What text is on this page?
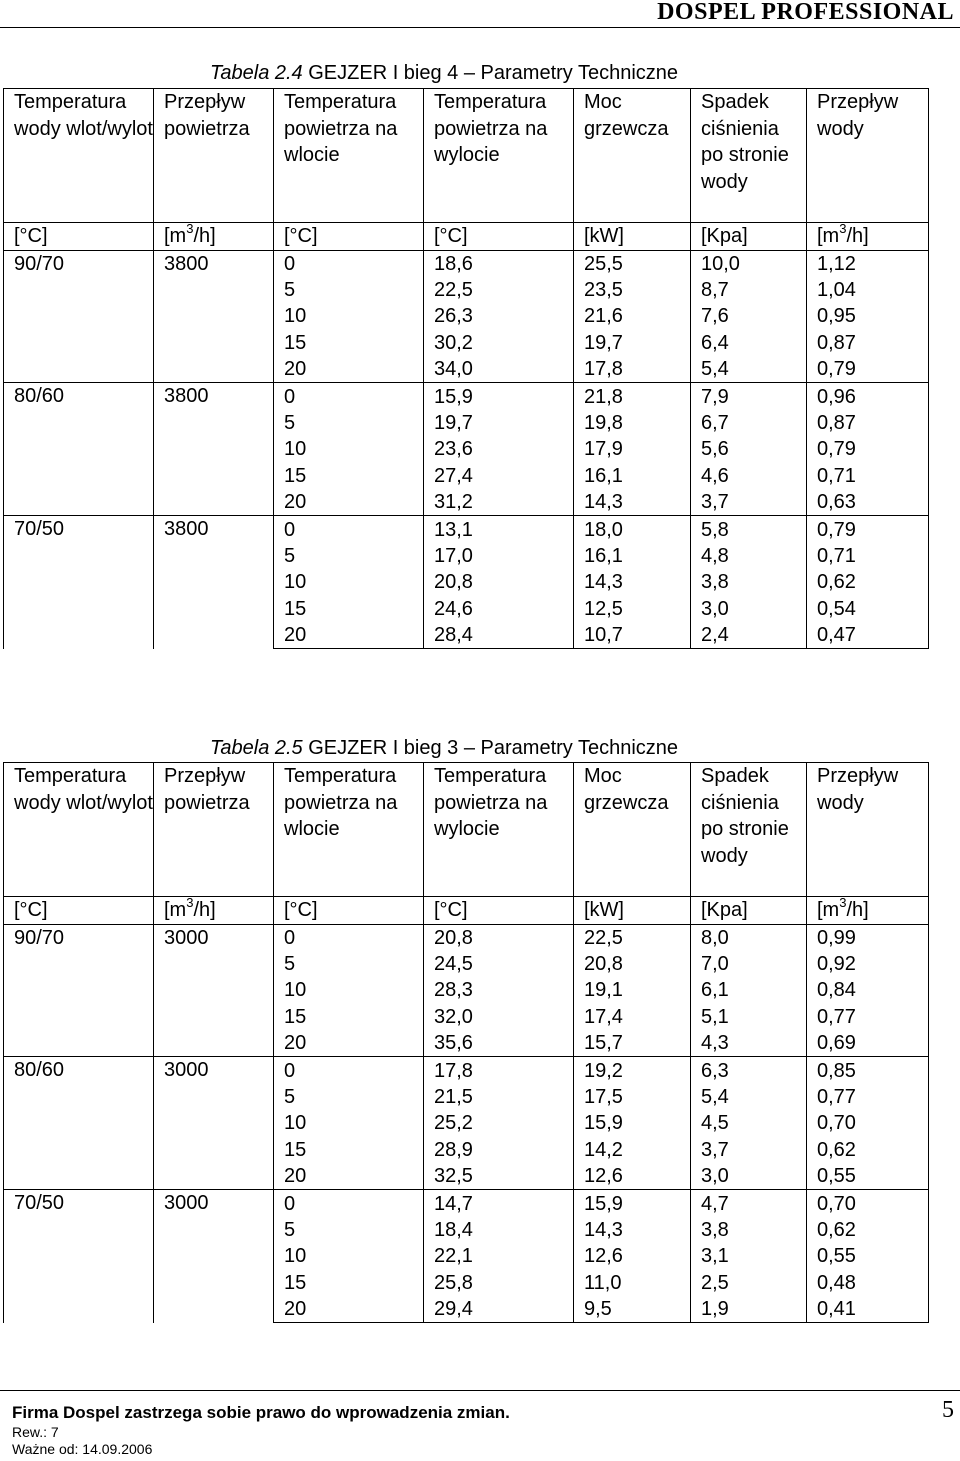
DOSPEL PROFESSIONAL
Tabela 2.4 GEJZER I bieg 4 – Parametry Techniczne
Temperatura wody wlot/wylot	Przepływ powietrza	Temperatura powietrza na wlocie	Temperatura powietrza na wylocie	Moc grzewcza	Spadek ciśnienia po stronie wody	Przepływ wody
[°C]	$[m^3/h]$	[°C]	[°C]	[kW]	[Kpa]	$[m^3/h]$
90/70	3800	0	18,6	25,5	10,0	1,12
		5	22,5	23,5	8,7	1,04
		10	26,3	21,6	7,6	0,95
		15	30,2	19,7	6,4	0,87
		20	34,0	17,8	5,4	0,79
80/60	3800	0	15,9	21,8	7,9	0,96
		5	19,7	19,8	6,7	0,87
		10	23,6	17,9	5,6	0,79
		15	27,4	16,1	4,6	0,71
		20	31,2	14,3	3,7	0,63
70/50	3800	0	13,1	18,0	5,8	0,79
		5	17,0	16,1	4,8	0,71
		10	20,8	14,3	3,8	0,62
		15	24,6	12,5	3,0	0,54
		20	28,4	10,7	2,4	0,47
Tabela 2.5 GEJZER I bieg 3 – Parametry Techniczne
Temperatura wody wlot/wylot	Przepływ powietrza	Temperatura powietrza na wlocie	Temperatura powietrza na wylocie	Moc grzewcza	Spadek ciśnienia po stronie wody	Przepływ wody
[°C]	$[m^3/h]$	[°C]	[°C]	[kW]	[Kpa]	$[m^3/h]$
90/70	3000	0	20,8	22,5	8,0	0,99
		5	24,5	20,8	7,0	0,92
		10	28,3	19,1	6,1	0,84
		15	32,0	17,4	5,1	0,77
		20	35,6	15,7	4,3	0,69
80/60	3000	0	17,8	19,2	6,3	0,85
		5	21,5	17,5	5,4	0,77
		10	25,2	15,9	4,5	0,70
		15	28,9	14,2	3,7	0,62
		20	32,5	12,6	3,0	0,55
70/50	3000	0	14,7	15,9	4,7	0,70
		5	18,4	14,3	3,8	0,62
		10	22,1	12,6	3,1	0,55
		15	25,8	11,0	2,5	0,48
		20	29,4	9,5	1,9	0,41
Firma Dospel zastrzega sobie prawo do wprowadzenia zmian.	5
Rew.: 7
Ważne od: 14.09.2006
